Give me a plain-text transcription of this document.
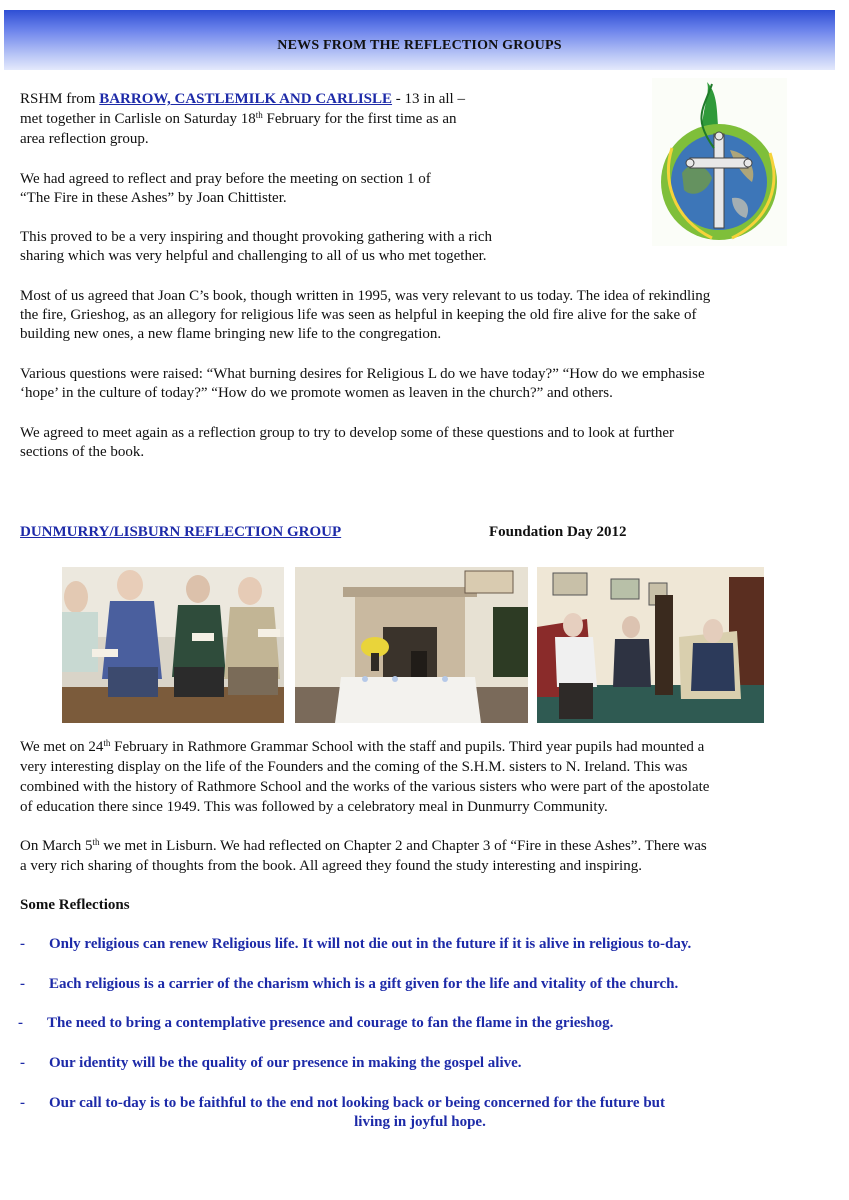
NEWS FROM THE REFLECTION GROUPS

RSHM from BARROW, CASTLEMILK AND CARLISLE - 13 in all –

met together in Carlisle on Saturday 18th February for the first time as an

area reflection group.

We had agreed to reflect and pray before the meeting on section 1 of

“The Fire in these Ashes” by Joan Chittister.

This proved to be a very inspiring and thought provoking gathering with a rich

sharing which was very helpful and challenging to all of us who met together.

Most of us agreed that Joan C’s book, though written in 1995, was very relevant to us today. The idea of rekindling

the fire, Grieshog, as an allegory for religious life was seen as helpful in keeping the old fire alive for the sake of

building new ones, a new flame bringing new life to the congregation.

Various questions were raised: “What burning desires for Religious L do we have today?” “How do we emphasise

‘hope’ in the culture of today?” “How do we promote women as leaven in the church?” and others.

We agreed to meet again as a reflection group to try to develop some of these questions and to look at further

sections of the book.

DUNMURRY/LISBURN REFLECTION GROUP	Foundation Day 2012

We met on 24th February in Rathmore Grammar School with the staff and pupils. Third year pupils had mounted a

very interesting display on the life of the Founders and the coming of the S.H.M. sisters to N. Ireland. This was

combined with the history of Rathmore School and the works of the various sisters who were part of the apostolate

of education there since 1949. This was followed by a celebratory meal in Dunmurry Community.

On March 5th we met in Lisburn. We had reflected on Chapter 2 and Chapter 3 of “Fire in these Ashes”. There was

a very rich sharing of thoughts from the book. All agreed they found the study interesting and inspiring.

Some Reflections
- Only religious can renew Religious life. It will not die out in the future if it is alive in religious to-day.
- Each religious is a carrier of the charism which is a gift given for the life and vitality of the church.
- The need to bring a contemplative presence and courage to fan the flame in the grieshog.
- Our identity will be the quality of our presence in making the gospel alive.
- Our call to-day is to be faithful to the end not looking back or being concerned for the future but
living in joyful hope.
